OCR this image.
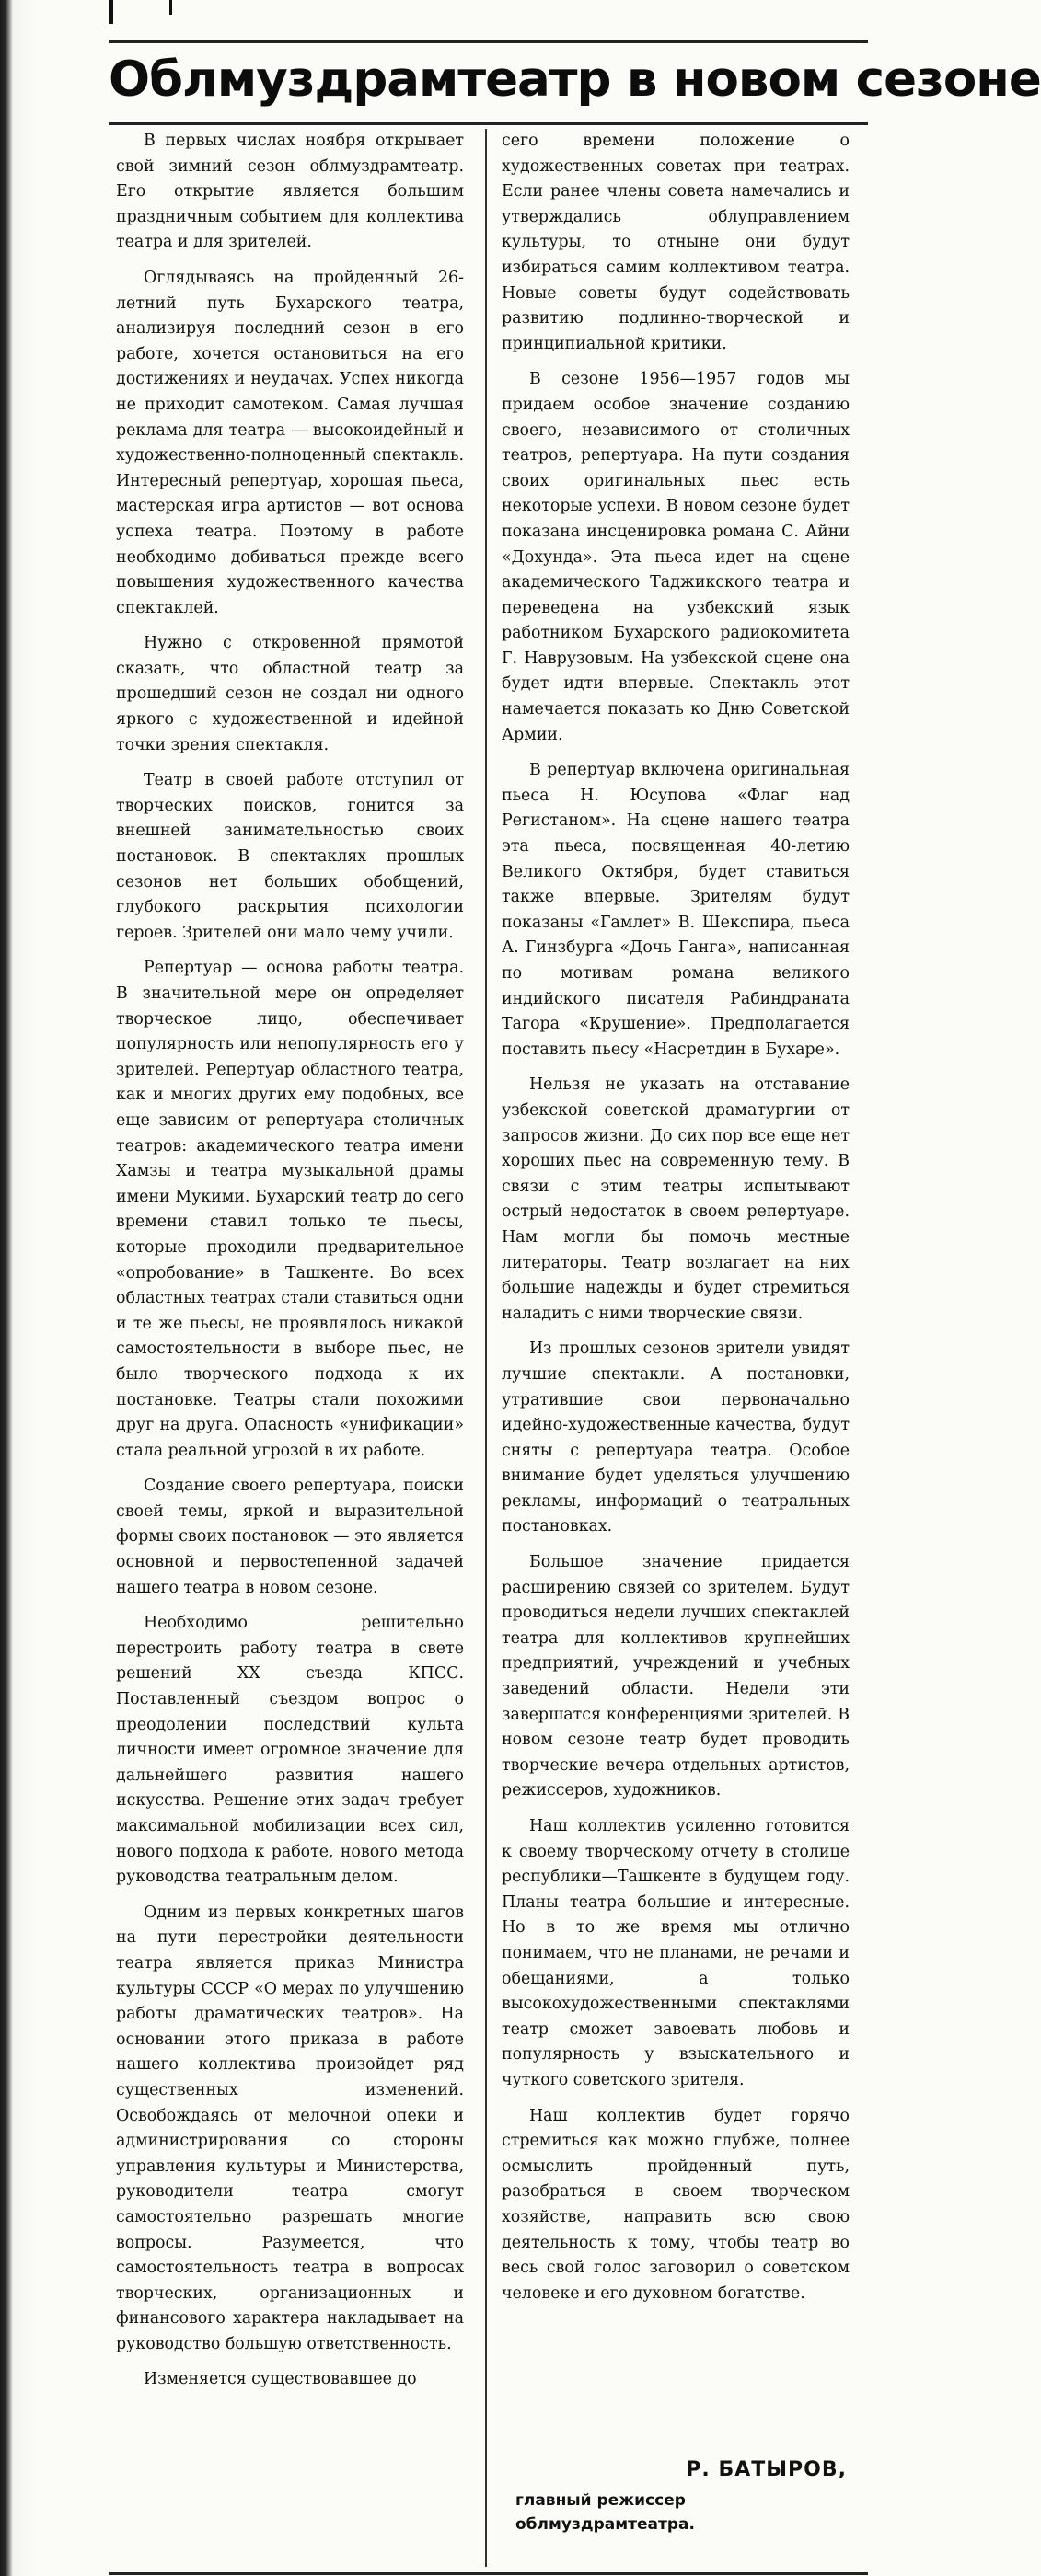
Облмуздрамтеатр в новом сезоне

В первых числах ноября открывает свой зимний сезон облмуздрамтеатр. Его открытие является большим праздничным событием для коллектива театра и для зрителей.

Оглядываясь на пройденный 26-летний путь Бухарского театра, анализируя последний сезон в его работе, хочется остановиться на его достижениях и неудачах. Успех никогда не приходит самотеком. Самая лучшая реклама для театра — высокоидейный и художественно-полноценный спектакль. Интересный репертуар, хорошая пьеса, мастерская игра артистов — вот основа успеха театра. Поэтому в работе необходимо добиваться прежде всего повышения художественного качества спектаклей.

Нужно с откровенной прямотой сказать, что областной театр за прошедший сезон не создал ни одного яркого с художественной и идейной точки зрения спектакля.

Театр в своей работе отступил от творческих поисков, гонится за внешней занимательностью своих постановок. В спектаклях прошлых сезонов нет больших обобщений, глубокого раскрытия психологии героев. Зрителей они мало чему учили.

Репертуар — основа работы театра. В значительной мере он определяет творческое лицо, обеспечивает популярность или непопулярность его у зрителей. Репертуар областного театра, как и многих других ему подобных, все еще зависим от репертуара столичных театров: академического театра имени Хамзы и театра музыкальной драмы имени Мукими. Бухарский театр до сего времени ставил только те пьесы, которые проходили предварительное «опробование» в Ташкенте. Во всех областных театрах стали ставиться одни и те же пьесы, не проявлялось никакой самостоятельности в выборе пьес, не было творческого подхода к их постановке. Театры стали похожими друг на друга. Опасность «унификации» стала реальной угрозой в их работе.

Создание своего репертуара, поиски своей темы, яркой и выразительной формы своих постановок — это является основной и первостепенной задачей нашего театра в новом сезоне.

Необходимо решительно перестроить работу театра в свете решений XX съезда КПСС. Поставленный съездом вопрос о преодолении последствий культа личности имеет огромное значение для дальнейшего развития нашего искусства. Решение этих задач требует максимальной мобилизации всех сил, нового подхода к работе, нового метода руководства театральным делом.

Одним из первых конкретных шагов на пути перестройки деятельности театра является приказ Министра культуры СССР «О мерах по улучшению работы драматических театров». На основании этого приказа в работе нашего коллектива произойдет ряд существенных изменений. Освобождаясь от мелочной опеки и администрирования со стороны управления культуры и Министерства, руководители театра смогут самостоятельно разрешать многие вопросы. Разумеется, что самостоятельность театра в вопросах творческих, организационных и финансового характера накладывает на руководство большую ответственность.

Изменяется существовавшее до

сего времени положение о художественных советах при театрах. Если ранее члены совета намечались и утверждались облуправлением культуры, то отныне они будут избираться самим коллективом театра. Новые советы будут содействовать развитию подлинно-творческой и принципиальной критики.

В сезоне 1956—1957 годов мы придаем особое значение созданию своего, независимого от столичных театров, репертуара. На пути создания своих оригинальных пьес есть некоторые успехи. В новом сезоне будет показана инсценировка романа С. Айни «Дохунда». Эта пьеса идет на сцене академического Таджикского театра и переведена на узбекский язык работником Бухарского радиокомитета Г. Наврузовым. На узбекской сцене она будет идти впервые. Спектакль этот намечается показать ко Дню Советской Армии.

В репертуар включена оригинальная пьеса Н. Юсупова «Флаг над Регистаном». На сцене нашего театра эта пьеса, посвященная 40-летию Великого Октября, будет ставиться также впервые. Зрителям будут показаны «Гамлет» В. Шекспира, пьеса А. Гинзбурга «Дочь Ганга», написанная по мотивам романа великого индийского писателя Рабиндраната Тагора «Крушение». Предполагается поставить пьесу «Насретдин в Бухаре».

Нельзя не указать на отставание узбекской советской драматургии от запросов жизни. До сих пор все еще нет хороших пьес на современную тему. В связи с этим театры испытывают острый недостаток в своем репертуаре. Нам могли бы помочь местные литераторы. Театр возлагает на них большие надежды и будет стремиться наладить с ними творческие связи.

Из прошлых сезонов зрители увидят лучшие спектакли. А постановки, утратившие свои первоначально идейно-художественные качества, будут сняты с репертуара театра. Особое внимание будет уделяться улучшению рекламы, информаций о театральных постановках.

Большое значение придается расширению связей со зрителем. Будут проводиться недели лучших спектаклей театра для коллективов крупнейших предприятий, учреждений и учебных заведений области. Недели эти завершатся конференциями зрителей. В новом сезоне театр будет проводить творческие вечера отдельных артистов, режиссеров, художников.

Наш коллектив усиленно готовится к своему творческому отчету в столице республики—Ташкенте в будущем году. Планы театра большие и интересные. Но в то же время мы отлично понимаем, что не планами, не речами и обещаниями, а только высокохудожественными спектаклями театр сможет завоевать любовь и популярность у взыскательного и чуткого советского зрителя.

Наш коллектив будет горячо стремиться как можно глубже, полнее осмыслить пройденный путь, разобраться в своем творческом хозяйстве, направить всю свою деятельность к тому, чтобы театр во весь свой голос заговорил о советском человеке и его духовном богатстве.

Р. БАТЫРОВ,

главный режиссер облмуздрамтеатра.
